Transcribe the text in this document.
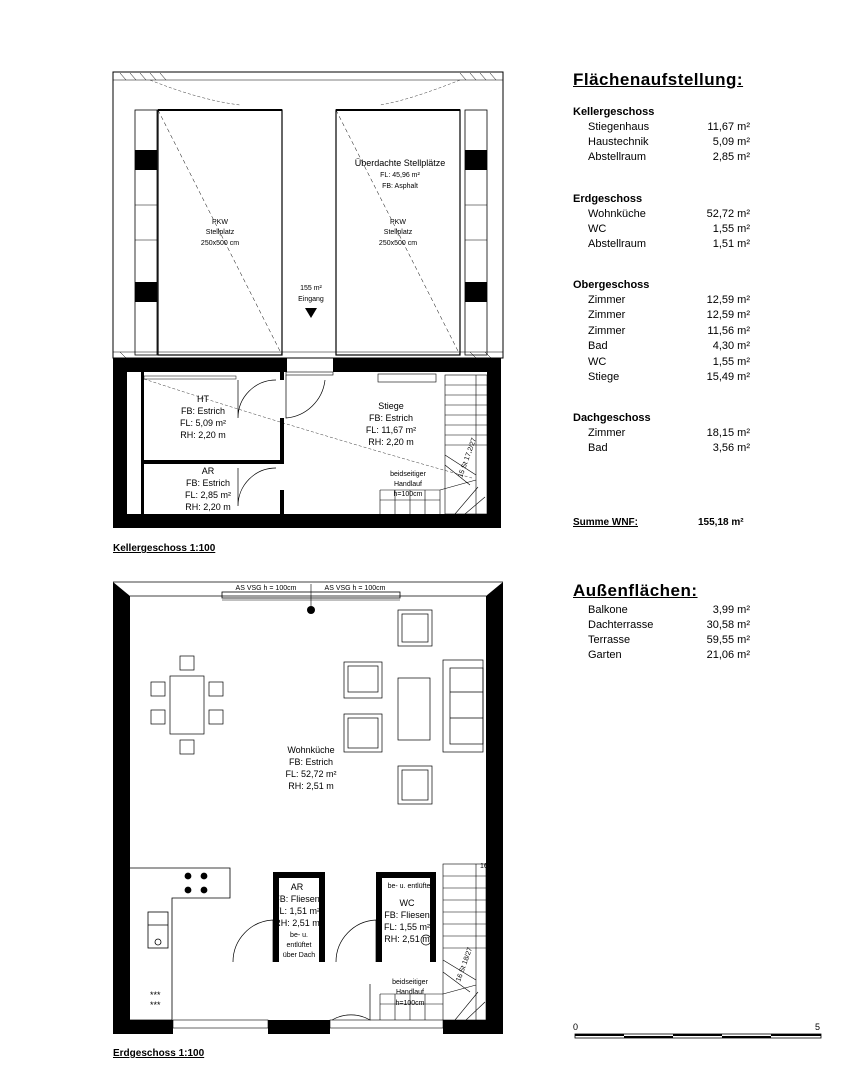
Überdachte Stellplätze
FL: 45,96 m²
FB: Asphalt
PKW
Stellplatz
250x500 cm
PKW
Stellplatz
250x500 cm
155 m²
Eingang
HT
FB: Estrich
FL: 5,09 m²
RH: 2,20 m
AR
FB: Estrich
FL: 2,85 m²
RH: 2,20 m
Stiege
FB: Estrich
FL: 11,67 m²
RH: 2,20 m
beidseitiger
Handlauf
h=100cm
15 St 17,2/27
***
***
AS VSG h = 100cm	AS VSG h = 100cm
Wohnküche
FB: Estrich
FL: 52,72 m²
RH: 2,51 m
AR
FB: Fliesen
FL: 1,51 m²
RH: 2,51 m
be- u.
entlüftet
über Dach
be- u. entlüftet
WC
FB: Fliesen
FL: 1,55 m²
RH: 2,51 m
beidseitiger
Handlauf
h=100cm
16
16 St 18/27
Kellergeschoss 1:100
Erdgeschoss 1:100
0	5
Flächenaufstellung:
Kellergeschoss
Stiegenhaus	11,67 m²
Haustechnik	5,09 m²
Abstellraum	2,85 m²
Erdgeschoss
Wohnküche	52,72 m²
WC	1,55 m²
Abstellraum	1,51 m²
Obergeschoss
Zimmer	12,59 m²
Zimmer	12,59 m²
Zimmer	11,56 m²
Bad	4,30 m²
WC	1,55 m²
Stiege	15,49 m²
Dachgeschoss
Zimmer	18,15 m²
Bad	3,56 m²
Summe WNF:	155,18 m²
Außenflächen:
Balkone	3,99 m²
Dachterrasse	30,58 m²
Terrasse	59,55 m²
Garten	21,06 m²
